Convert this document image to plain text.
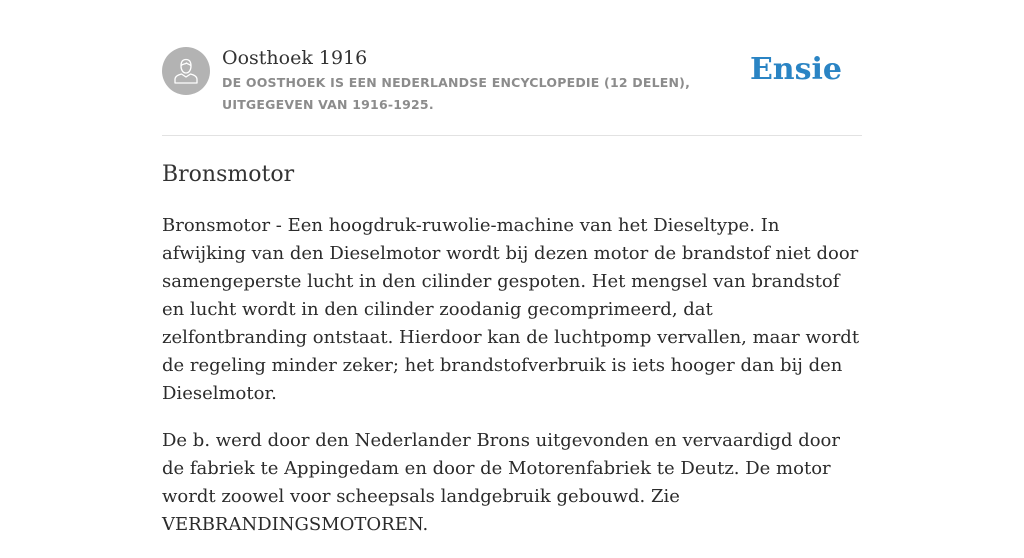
Oosthoek 1916
DE OOSTHOEK IS EEN NEDERLANDSE ENCYCLOPEDIE (12 DELEN), UITGEGEVEN VAN 1916-1925.
Ensie
Bronsmotor

Bronsmotor - Een hoogdruk-ruwolie-machine van het Dieseltype. In afwijking van den Dieselmotor wordt bij dezen motor de brandstof niet door samengeperste lucht in den cilinder gespoten. Het mengsel van brandstof en lucht wordt in den cilinder zoodanig gecomprimeerd, dat zelfontbranding ontstaat. Hierdoor kan de luchtpomp vervallen, maar wordt de regeling minder zeker; het brandstofverbruik is iets hooger dan bij den Dieselmotor.

De b. werd door den Nederlander Brons uitgevonden en vervaardigd door de fabriek te Appingedam en door de Motorenfabriek te Deutz. De motor wordt zoowel voor scheepsals landgebruik gebouwd. Zie VERBRANDINGSMOTOREN.
